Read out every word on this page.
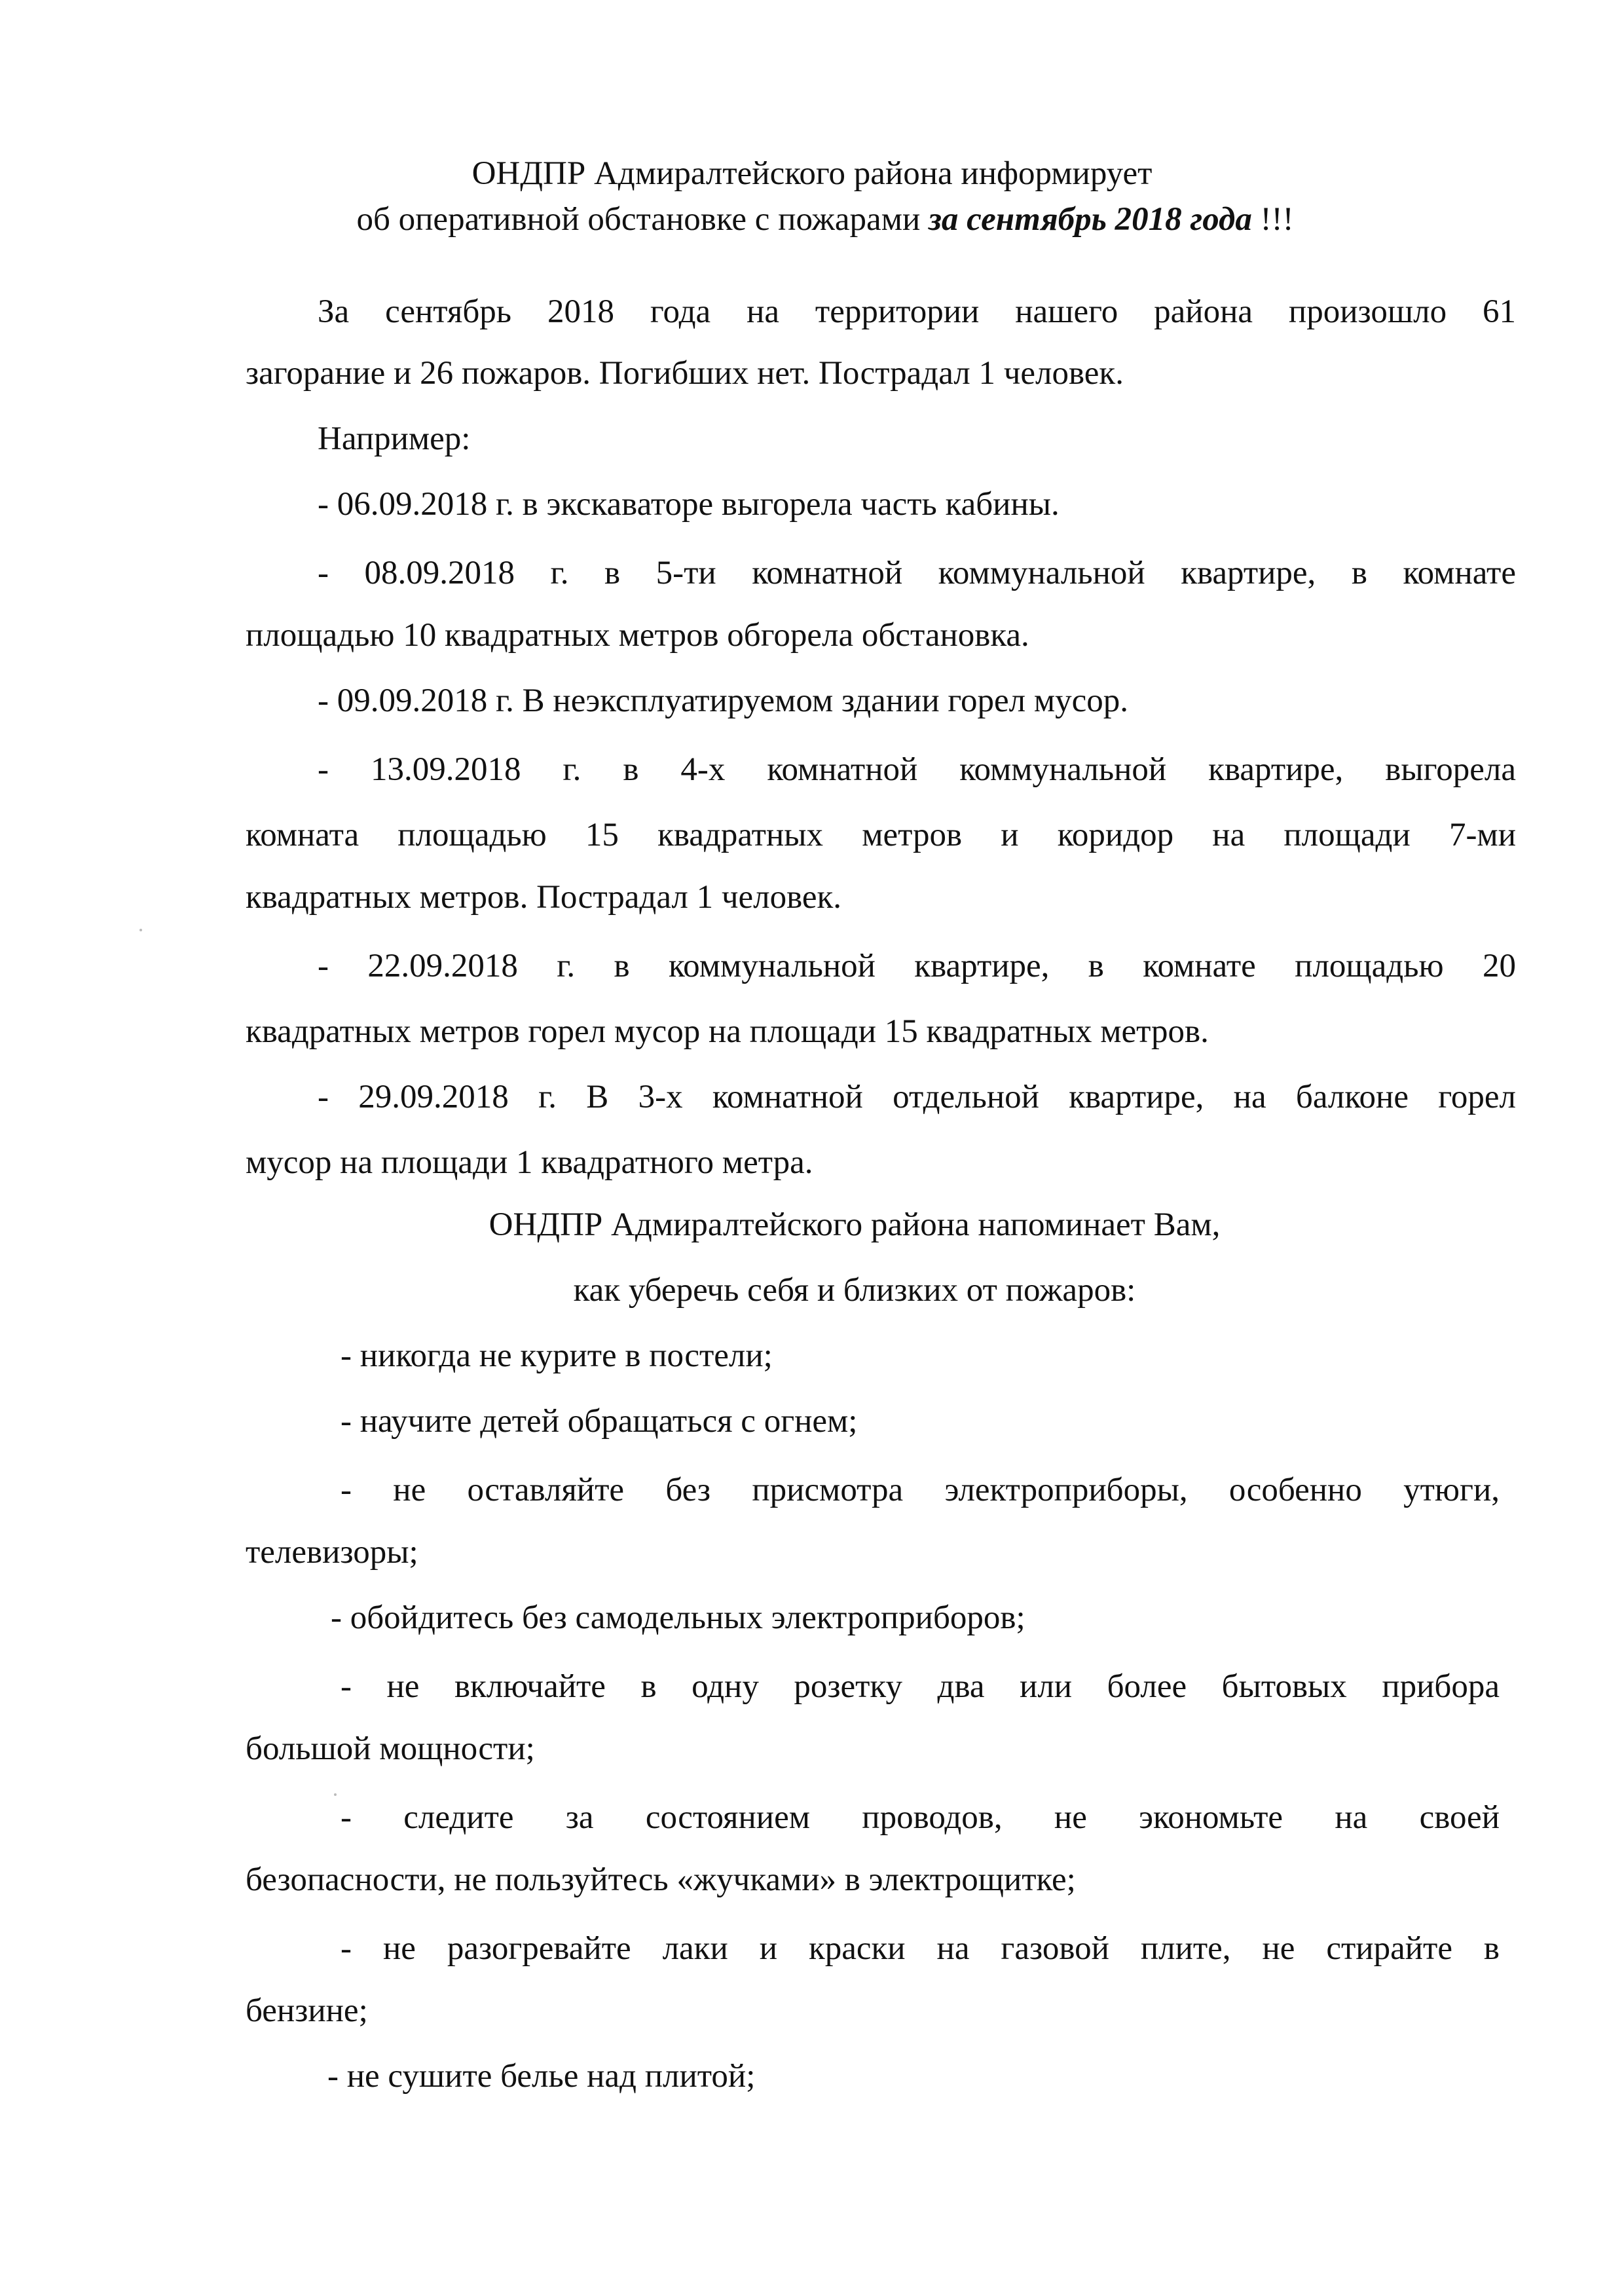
ОНДПР Адмиралтейского района информирует

об оперативной обстановке с пожарами за сентябрь 2018 года !!!

За сентябрь 2018 года на территории нашего района произошло 61

загорание и 26 пожаров. Погибших нет. Пострадал 1 человек.

Например:

- 06.09.2018 г. в экскаваторе выгорела часть кабины.

- 08.09.2018 г. в 5-ти комнатной коммунальной квартире, в комнате

площадью 10 квадратных метров обгорела обстановка.

- 09.09.2018 г. В неэксплуатируемом здании горел мусор.

- 13.09.2018 г. в 4-х комнатной коммунальной квартире, выгорела

комната площадью 15 квадратных метров и коридор на площади 7-ми

квадратных метров. Пострадал 1 человек.

- 22.09.2018 г. в коммунальной квартире, в комнате площадью 20

квадратных метров горел мусор на площади 15 квадратных метров.

- 29.09.2018 г. В 3-х комнатной отдельной квартире, на балконе горел

мусор на площади 1 квадратного метра.

ОНДПР Адмиралтейского района напоминает Вам,

как уберечь себя и близких от пожаров:

- никогда не курите в постели;

- научите детей обращаться с огнем;

- не оставляйте без присмотра электроприборы, особенно утюги,

телевизоры;

- обойдитесь без самодельных электроприборов;

- не включайте в одну розетку два или более бытовых прибора

большой мощности;

- следите за состоянием проводов, не экономьте на своей

безопасности, не пользуйтесь «жучками» в электрощитке;

- не разогревайте лаки и краски на газовой плите, не стирайте в

бензине;

- не сушите белье над плитой;
